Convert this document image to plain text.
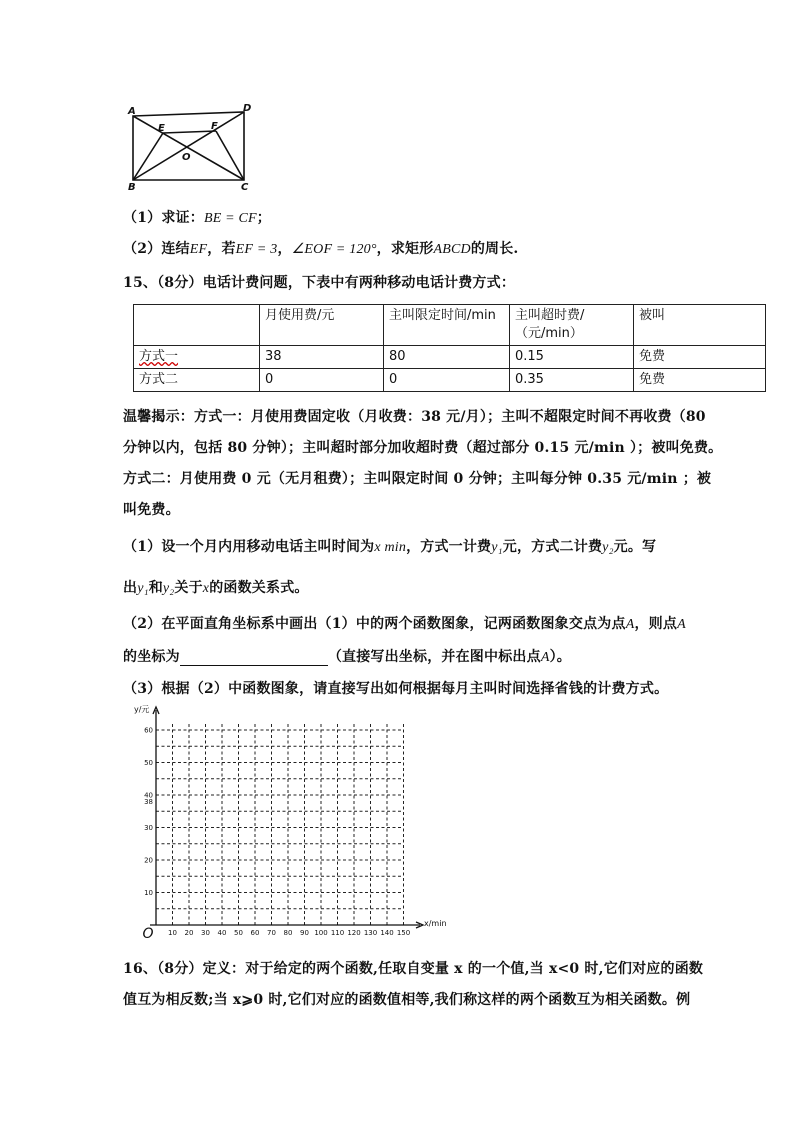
A	D
E	F
O
B	C
（1）求证：BE = CF；
（2）连结EF，若EF = 3，∠EOF = 120°，求矩形ABCD的周长.
15、（8分）电话计费问题，下表中有两种移动电话计费方式：
	月使用费/元	主叫限定时间/min	主叫超时费/（元/min）	被叫
方式一	38	80	0.15	免费
方式二	0	0	0.35	免费
温馨揭示：方式一：月使用费固定收（月收费：38 元/月）；主叫不超限定时间不再收费（80
分钟以内，包括 80 分钟）；主叫超时部分加收超时费（超过部分 0.15 元/min ）；被叫免费。
方式二：月使用费 0 元（无月租费）；主叫限定时间 0 分钟；主叫每分钟 0.35 元/min ；被
叫免费。
（1）设一个月内用移动电话主叫时间为x min，方式一计费y₁元，方式二计费y₂元。写
出y₁和y₂关于x的函数关系式。
（2）在平面直角坐标系中画出（1）中的两个函数图象，记两函数图象交点为点A，则点A
的坐标为	（直接写出坐标，并在图中标出点A）。
（3）根据（2）中函数图象，请直接写出如何根据每月主叫时间选择省钱的计费方式。
60
50
40
38
30
20
10
10 20 30 40 50 60 70 80 90 100 110 120 130 140 150
y/元
x/min
O
16、（8分）定义：对于给定的两个函数,任取自变量 x 的一个值,当 x<0 时,它们对应的函数
值互为相反数;当 x⩾0 时,它们对应的函数值相等,我们称这样的两个函数互为相关函数。例
